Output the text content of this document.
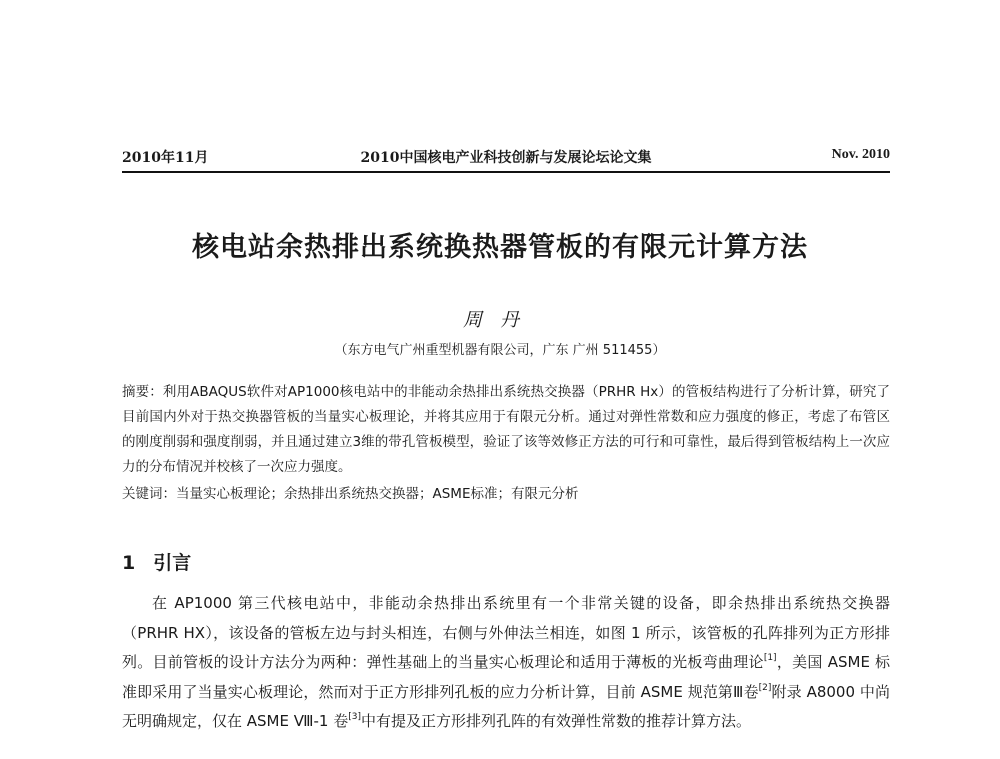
2010年11月	2010中国核电产业科技创新与发展论坛论文集	Nov. 2010
核电站余热排出系统换热器管板的有限元计算方法
周丹
（东方电气广州重型机器有限公司，广东 广州 511455）
摘要：利用ABAQUS软件对AP1000核电站中的非能动余热排出系统热交换器（PRHR Hx）的管板结构进行了分析计算，研究了目前国内外对于热交换器管板的当量实心板理论，并将其应用于有限元分析。通过对弹性常数和应力强度的修正，考虑了布管区的刚度削弱和强度削弱，并且通过建立3维的带孔管板模型，验证了该等效修正方法的可行和可靠性，最后得到管板结构上一次应力的分布情况并校核了一次应力强度。
关键词：当量实心板理论；余热排出系统热交换器；ASME标准；有限元分析
1 引言

在 AP1000 第三代核电站中，非能动余热排出系统里有一个非常关键的设备，即余热排出系统热交换器（PRHR HX），该设备的管板左边与封头相连，右侧与外伸法兰相连，如图 1 所示，该管板的孔阵排列为正方形排列。目前管板的设计方法分为两种：弹性基础上的当量实心板理论和适用于薄板的光板弯曲理论[1]，美国 ASME 标准即采用了当量实心板理论，然而对于正方形排列孔板的应力分析计算，目前 ASME 规范第Ⅲ卷[2]附录 A8000 中尚无明确规定，仅在 ASME Ⅷ-1 卷[3]中有提及正方形排列孔阵的有效弹性常数的推荐计算方法。
